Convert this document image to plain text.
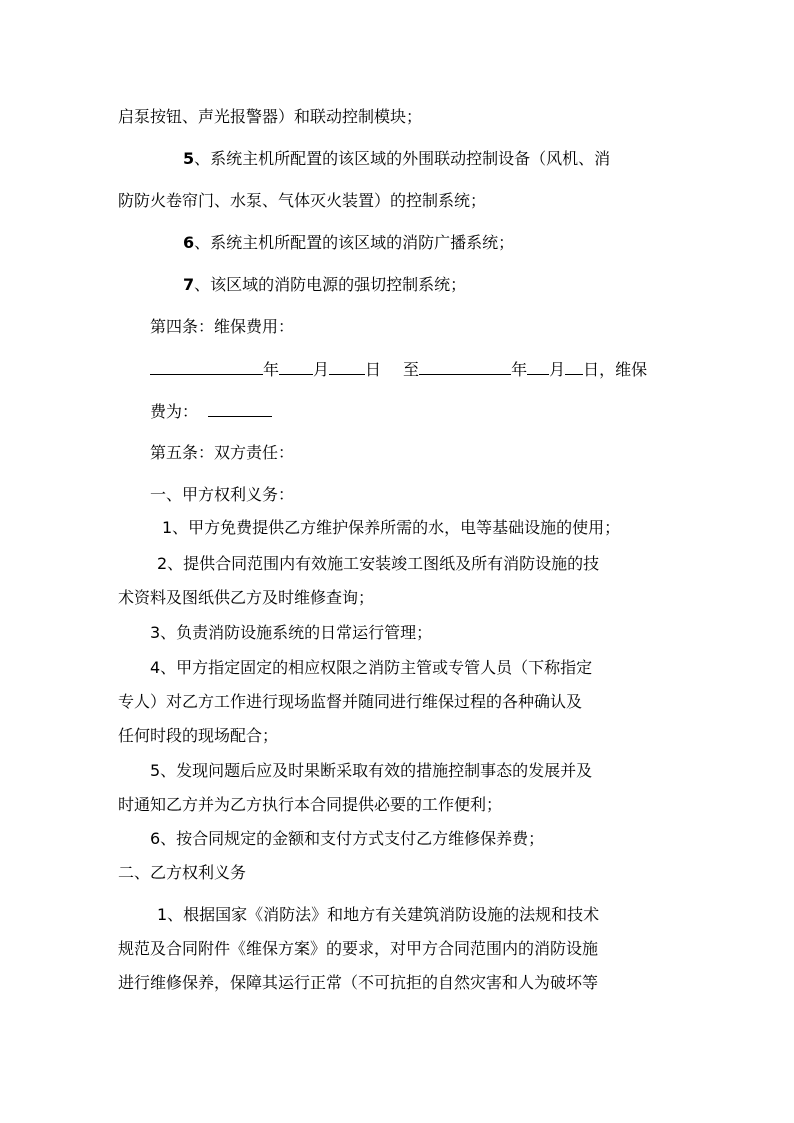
启泵按钮、声光报警器）和联动控制模块；
5、系统主机所配置的该区域的外围联动控制设备（风机、消
防防火卷帘门、水泵、气体灭火装置）的控制系统；
6、系统主机所配置的该区域的消防广播系统；
7、该区域的消防电源的强切控制系统；
第四条：维保费用：
年 月 日 至	年 月 日，维保
费为：
第五条：双方责任：
一、甲方权利义务：
1、甲方免费提供乙方维护保养所需的水，电等基础设施的使用；
2、提供合同范围内有效施工安装竣工图纸及所有消防设施的技
术资料及图纸供乙方及时维修查询；
3、负责消防设施系统的日常运行管理；
4、甲方指定固定的相应权限之消防主管或专管人员（下称指定
专人）对乙方工作进行现场监督并随同进行维保过程的各种确认及
任何时段的现场配合；
5、发现问题后应及时果断采取有效的措施控制事态的发展并及
时通知乙方并为乙方执行本合同提供必要的工作便利；
6、按合同规定的金额和支付方式支付乙方维修保养费；
二、乙方权利义务
1、根据国家《消防法》和地方有关建筑消防设施的法规和技术
规范及合同附件《维保方案》的要求，对甲方合同范围内的消防设施
进行维修保养，保障其运行正常（不可抗拒的自然灾害和人为破坏等
